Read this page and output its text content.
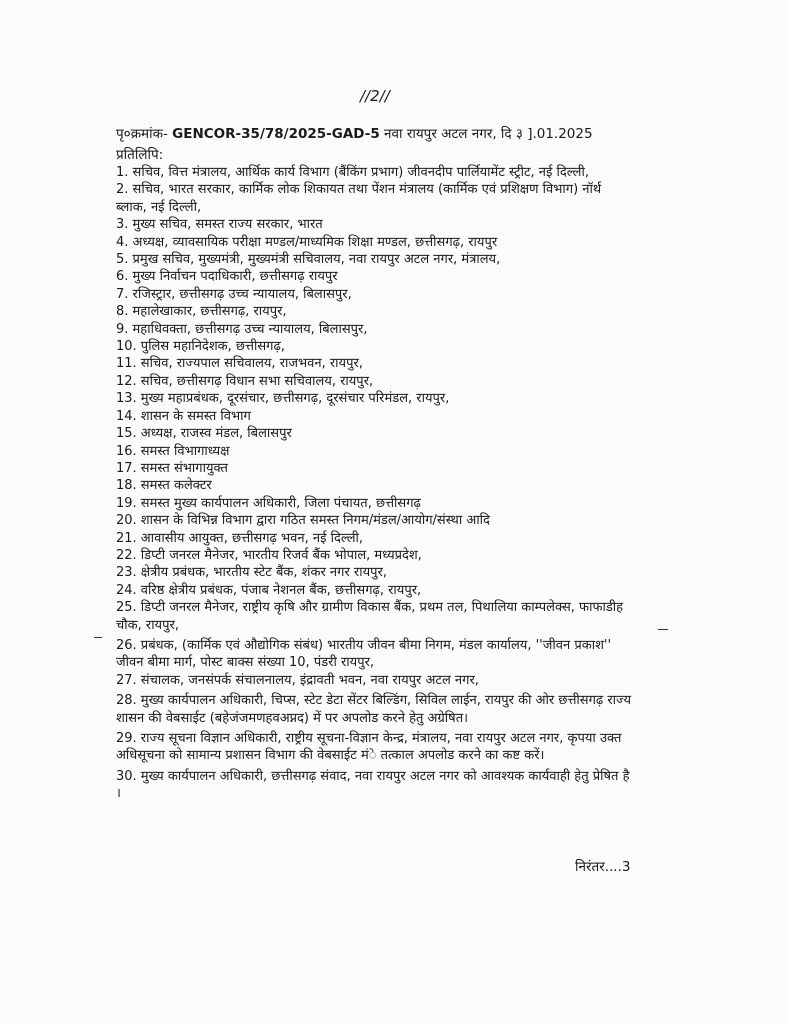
//2//
पृ०क्रमांक- GENCOR-35/78/2025-GAD-5 नवा रायपुर अटल नगर, दि ३ ].01.2025
प्रतिलिपि:
1. सचिव, वित्त मंत्रालय, आर्थिक कार्य विभाग (बैंकिंग प्रभाग) जीवनदीप पार्लियामेंट स्ट्रीट, नई दिल्ली,
2. सचिव, भारत सरकार, कार्मिक लोक शिकायत तथा पेंशन मंत्रालय (कार्मिक एवं प्रशिक्षण विभाग) नॉर्थ ब्लाक, नई दिल्ली,
3. मुख्य सचिव, समस्त राज्य सरकार, भारत
4. अध्यक्ष, व्यावसायिक परीक्षा मण्डल/माध्यमिक शिक्षा मण्डल, छत्तीसगढ़, रायपुर
5. प्रमुख सचिव, मुख्यमंत्री, मुख्यमंत्री सचिवालय, नवा रायपुर अटल नगर, मंत्रालय,
6. मुख्य निर्वाचन पदाधिकारी, छत्तीसगढ़ रायपुर
7. रजिस्ट्रार, छत्तीसगढ़ उच्च न्यायालय, बिलासपुर,
8. महालेखाकार, छत्तीसगढ़, रायपुर,
9. महाधिवक्ता, छत्तीसगढ़ उच्च न्यायालय, बिलासपुर,
10. पुलिस महानिदेशक, छत्तीसगढ़,
11. सचिव, राज्यपाल सचिवालय, राजभवन, रायपुर,
12. सचिव, छत्तीसगढ़ विधान सभा सचिवालय, रायपुर,
13. मुख्य महाप्रबंधक, दूरसंचार, छत्तीसगढ़, दूरसंचार परिमंडल, रायपुर,
14. शासन के समस्त विभाग
15. अध्यक्ष, राजस्व मंडल, बिलासपुर
16. समस्त विभागाध्यक्ष
17. समस्त संभागायुक्त
18. समस्त कलेक्टर
19. समस्त मुख्य कार्यपालन अधिकारी, जिला पंचायत, छत्तीसगढ़
20. शासन के विभिन्न विभाग द्वारा गठित समस्त निगम/मंडल/आयोग/संस्था आदि
21. आवासीय आयुक्त, छत्तीसगढ़ भवन, नई दिल्ली,
22. डिप्टी जनरल मैनेजर, भारतीय रिजर्व बैंक भोपाल, मध्यप्रदेश,
23. क्षेत्रीय प्रबंधक, भारतीय स्टेट बैंक, शंकर नगर रायपुर,
24. वरिष्ठ क्षेत्रीय प्रबंधक, पंजाब नेशनल बैंक, छत्तीसगढ़, रायपुर,
25. डिप्टी जनरल मैनेजर, राष्ट्रीय कृषि और ग्रामीण विकास बैंक, प्रथम तल, पिथालिया काम्पलेक्स, फाफाडीह चौक, रायपुर,
26. प्रबंधक, (कार्मिक एवं औद्योगिक संबंध) भारतीय जीवन बीमा निगम, मंडल कार्यालय, ''जीवन प्रकाश'' जीवन बीमा मार्ग, पोस्ट बाक्स संख्या 10, पंडरी रायपुर,
27. संचालक, जनसंपर्क संचालनालय, इंद्रावती भवन, नवा रायपुर अटल नगर,
28. मुख्य कार्यपालन अधिकारी, चिप्स, स्टेट डेटा सेंटर बिल्डिंग, सिविल लाईन, रायपुर की ओर छत्तीसगढ़ राज्य शासन की वेबसाईट (बहेजंजमणहवअप्नद) में पर अपलोड करने हेतु अग्रेषित।
29. राज्य सूचना विज्ञान अधिकारी, राष्ट्रीय सूचना-विज्ञान केन्द्र, मंत्रालय, नवा रायपुर अटल नगर, कृपया उक्त अधिसूचना को सामान्य प्रशासन विभाग की वेबसाईट मं◌े तत्काल अपलोड करने का कष्ट करें।
30. मुख्य कार्यपालन अधिकारी, छत्तीसगढ़ संवाद, नवा रायपुर अटल नगर को आवश्यक कार्यवाही हेतु प्रेषित है ।
निरंतर....3
